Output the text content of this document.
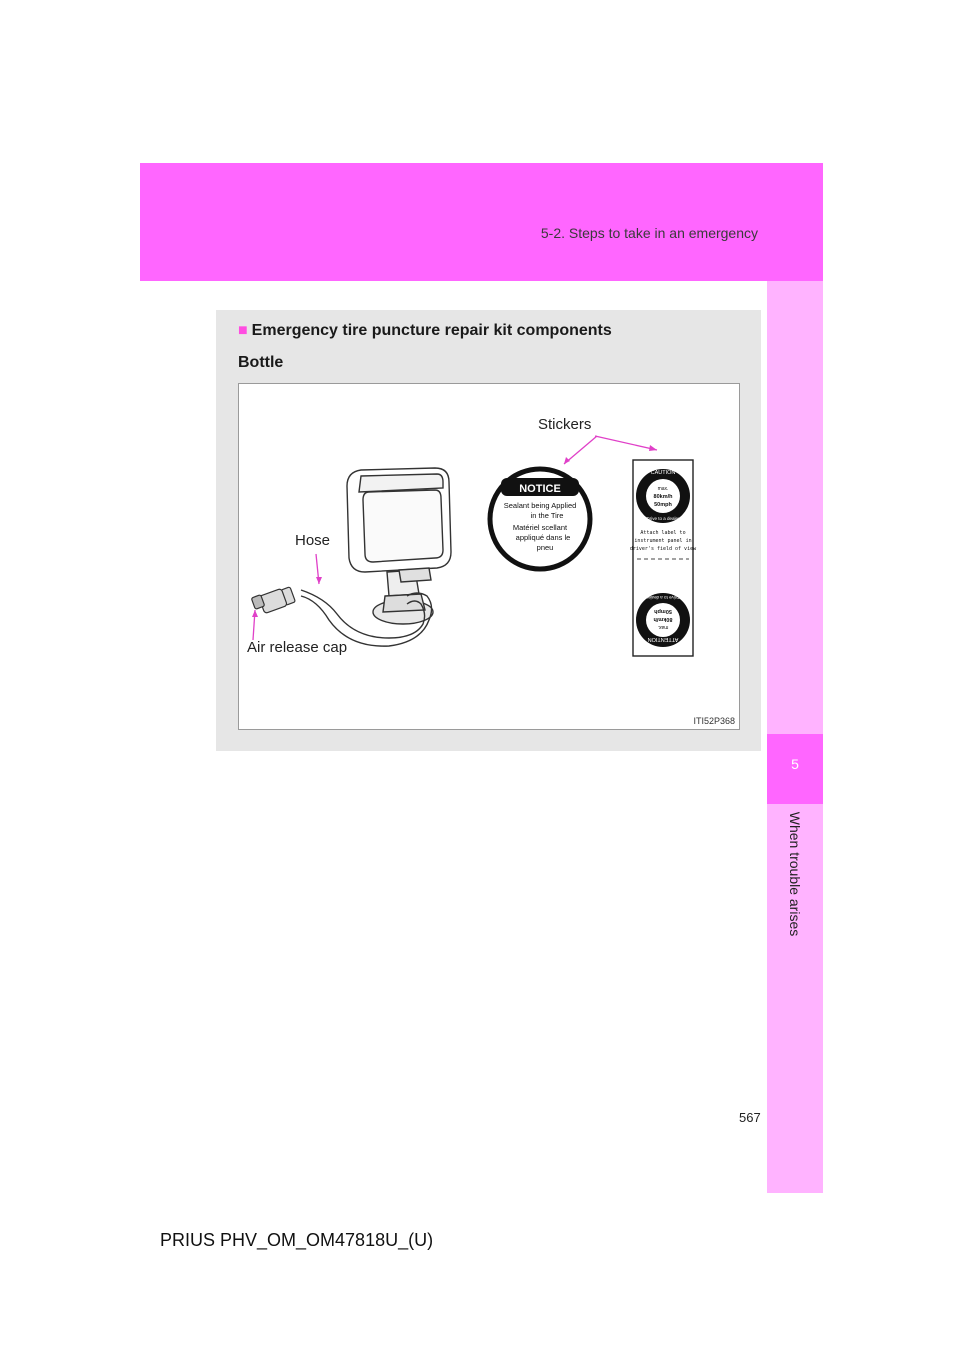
5-2. Steps to take in an emergency
5
When trouble arises
■ Emergency tire puncture repair kit components
Bottle
NOTICE
Sealant being Applied
in the Tire
Matériel scellant
appliqué dans le
pneu
CAUTION
max.
80km/h
50mph
Drive to a dealer
Attach label to
instrument panel in
driver's field of view
ATTENTION
max.
80km/h
50mph
Drive to a dealer
Stickers
Hose
Air release cap
ITI52P368
567
PRIUS PHV_OM_OM47818U_(U)
